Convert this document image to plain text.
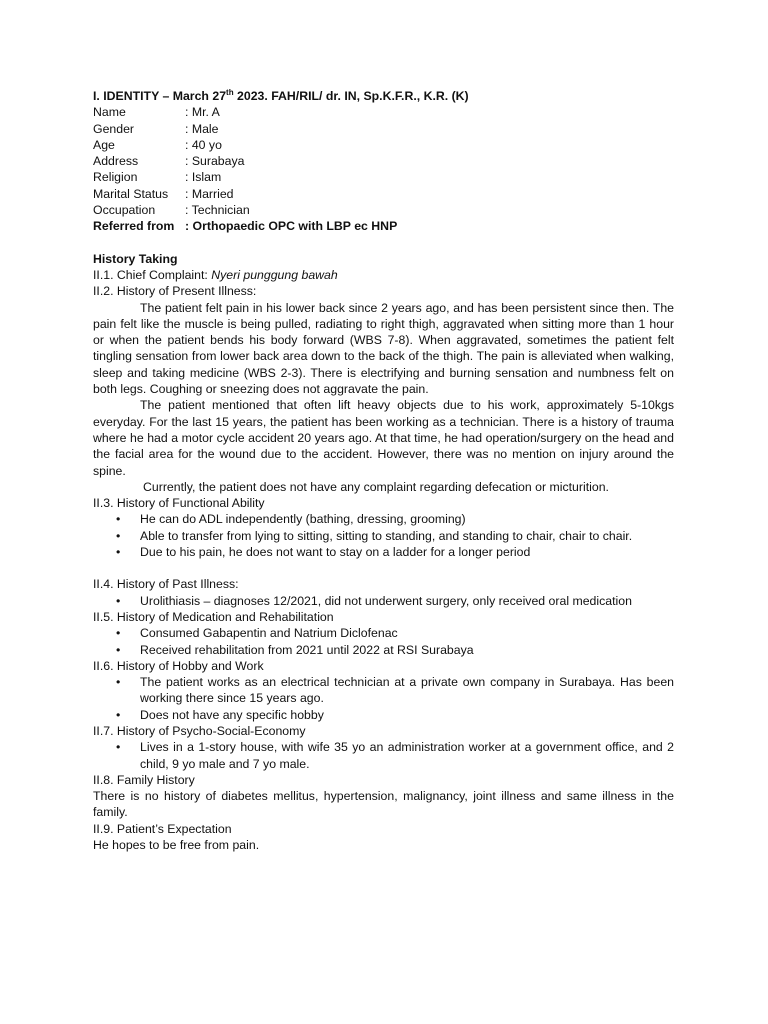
I. IDENTITY – March 27th 2023. FAH/RIL/ dr. IN, Sp.K.F.R., K.R. (K)
Name	: Mr. A
Gender	: Male
Age	: 40 yo
Address	: Surabaya
Religion	: Islam
Marital Status	: Married
Occupation	: Technician
Referred from	: Orthopaedic OPC with LBP ec HNP
History Taking
II.1. Chief Complaint: Nyeri punggung bawah
II.2. History of Present Illness:
The patient felt pain in his lower back since 2 years ago, and has been persistent since then. The pain felt like the muscle is being pulled, radiating to right thigh, aggravated when sitting more than 1 hour or when the patient bends his body forward (WBS 7-8). When aggravated, sometimes the patient felt tingling sensation from lower back area down to the back of the thigh. The pain is alleviated when walking, sleep and taking medicine (WBS 2-3). There is electrifying and burning sensation and numbness felt on both legs. Coughing or sneezing does not aggravate the pain.
The patient mentioned that often lift heavy objects due to his work, approximately 5-10kgs everyday. For the last 15 years, the patient has been working as a technician. There is a history of trauma where he had a motor cycle accident 20 years ago. At that time, he had operation/surgery on the head and the facial area for the wound due to the accident. However, there was no mention on injury around the spine.
Currently, the patient does not have any complaint regarding defecation or micturition.
II.3. History of Functional Ability
• He can do ADL independently (bathing, dressing, grooming)
• Able to transfer from lying to sitting, sitting to standing, and standing to chair, chair to chair.
• Due to his pain, he does not want to stay on a ladder for a longer period
II.4. History of Past Illness:
• Urolithiasis – diagnoses 12/2021, did not underwent surgery, only received oral medication
II.5. History of Medication and Rehabilitation
• Consumed Gabapentin and Natrium Diclofenac
• Received rehabilitation from 2021 until 2022 at RSI Surabaya
II.6. History of Hobby and Work
• The patient works as an electrical technician at a private own company in Surabaya. Has been working there since 15 years ago.
• Does not have any specific hobby
II.7. History of Psycho-Social-Economy
• Lives in a 1-story house, with wife 35 yo an administration worker at a government office, and 2 child, 9 yo male and 7 yo male.
II.8. Family History
There is no history of diabetes mellitus, hypertension, malignancy, joint illness and same illness in the family.
II.9. Patient’s Expectation
He hopes to be free from pain.
